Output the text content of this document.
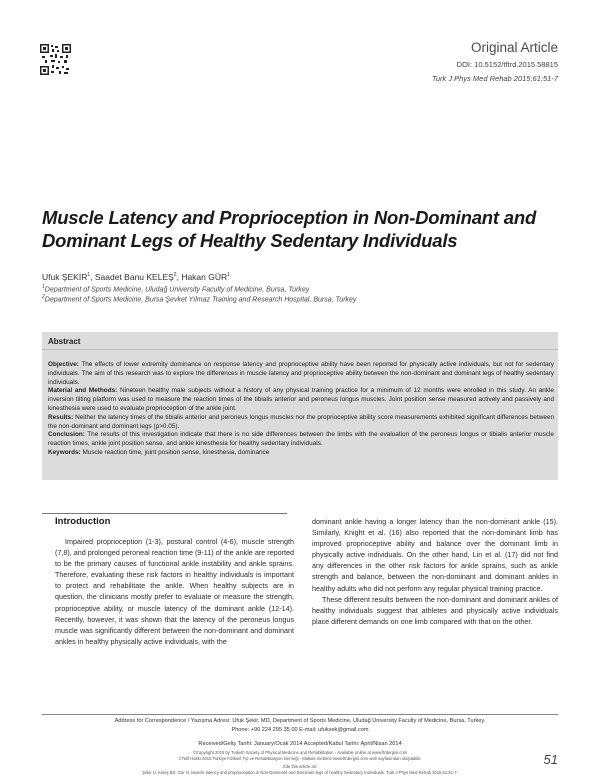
Original Article
DOI: 10.5152/tftrd.2015.58815
Turk J Phys Med Rehab 2015;61:51-7
Muscle Latency and Proprioception in Non-Dominant and
Dominant Legs of Healthy Sedentary Individuals
Ufuk ŞEKİR$^1$, Saadet Banu KELEŞ$^2$, Hakan GÜR$^1$
$^1$Department of Sports Medicine, Uludağ University Faculty of Medicine, Bursa, Turkey
$^2$Department of Sports Medicine, Bursa Şevket Yılmaz Training and Research Hospital, Bursa, Turkey
Abstract

Objective: The effects of lower extremity dominance on response latency and proprioceptive ability have been reported for physically active individuals, but not for sedentary individuals. The aim of this research was to explore the differences in muscle latency and proprioceptive ability between the non-dominant and dominant legs of healthy sedentary individuals.

Material and Methods: Nineteen healthy male subjects without a history of any physical training practice for a minimum of 12 months were enrolled in this study. An ankle inversion tilting platform was used to measure the reaction times of the tibialis anterior and peroneus longus muscles. Joint position sense measured actively and passively and kinesthesia were used to evaluate proprioception of the ankle joint.

Results: Neither the latency times of the tibialis anterior and peroneus longus muscles nor the proprioceptive ability score measurements exhibited significant differences between the non-dominant and dominant legs (p>0.05).

Conclusion: The results of this investigation indicate that there is no side differences between the limbs with the evaluation of the peroneus longus or tibialis anterior muscle reaction times, ankle joint position sense, and ankle kinesthesia for healthy sedentary individuals.

Keywords: Muscle reaction time, joint position sense, kinesthesia, dominance

Introduction
Impaired proprioception (1-3), postural control (4-6), muscle strength (7,8), and prolonged peroneal reaction time (9-11) of the ankle are reported to be the primary causes of functional ankle instability and ankle sprains. Therefore, evaluating these risk factors in healthy individuals is important to protect and rehabilitate the ankle. When healthy subjects are in question, the clinicians mostly prefer to evaluate or measure the strength, proprioceptive ability, or muscle latency of the dominant ankle (12-14). Recently, however, it was shown that the latency of the peroneus longus muscle was significantly different between the non-dominant and dominant ankles in healthy physically active individuals, with the
dominant ankle having a longer latency than the non-dominant ankle (15). Similarly, Knight et al. (16) also reported that the non-dominant limb has improved proprioceptive ability and balance over the dominant limb in physically active individuals. On the other hand, Lin et al. (17) did not find any differences in the other risk factors for ankle sprains, such as ankle strength and balance, between the non-dominant and dominant ankles in healthy adults who did not perform any regular physical training practice.
These different results between the non-dominant and dominant ankles of healthy individuals suggest that athletes and physically active individuals place different demands on one limb compared with that on the other.
Address for Correspondence / Yazışma Adresi: Ufuk Şekir, MD, Department of Sports Medicine, Uludağ University Faculty of Medicine, Bursa, Turkey.
Phone: +90 224 295 35 00 E-mail: ufuksek@gmail.com
Received/Geliş Tarihi: January/Ocak 2014 Accepted/Kabul Tarihi: April/Nisan 2014
©Copyright 2015 by Turkish Society of Physical Medicine and Rehabilitation - Available online at www.ftrdergisi.com
©Telif Hakkı 2015 Türkiye Fiziksel Tıp ve Rehabilitasyon Derneği - Makale metnine www.ftrdergisi.com web sayfasından ulaşılabilir.
Cite this article as:
Şekir U, Keleş BS, Gür H. Muscle latency and proprioception in Non-Dominant and Dominant legs of healthy Sedentary Individuals. Turk J Phys Med Rehab 2015;61:51-7.
51
